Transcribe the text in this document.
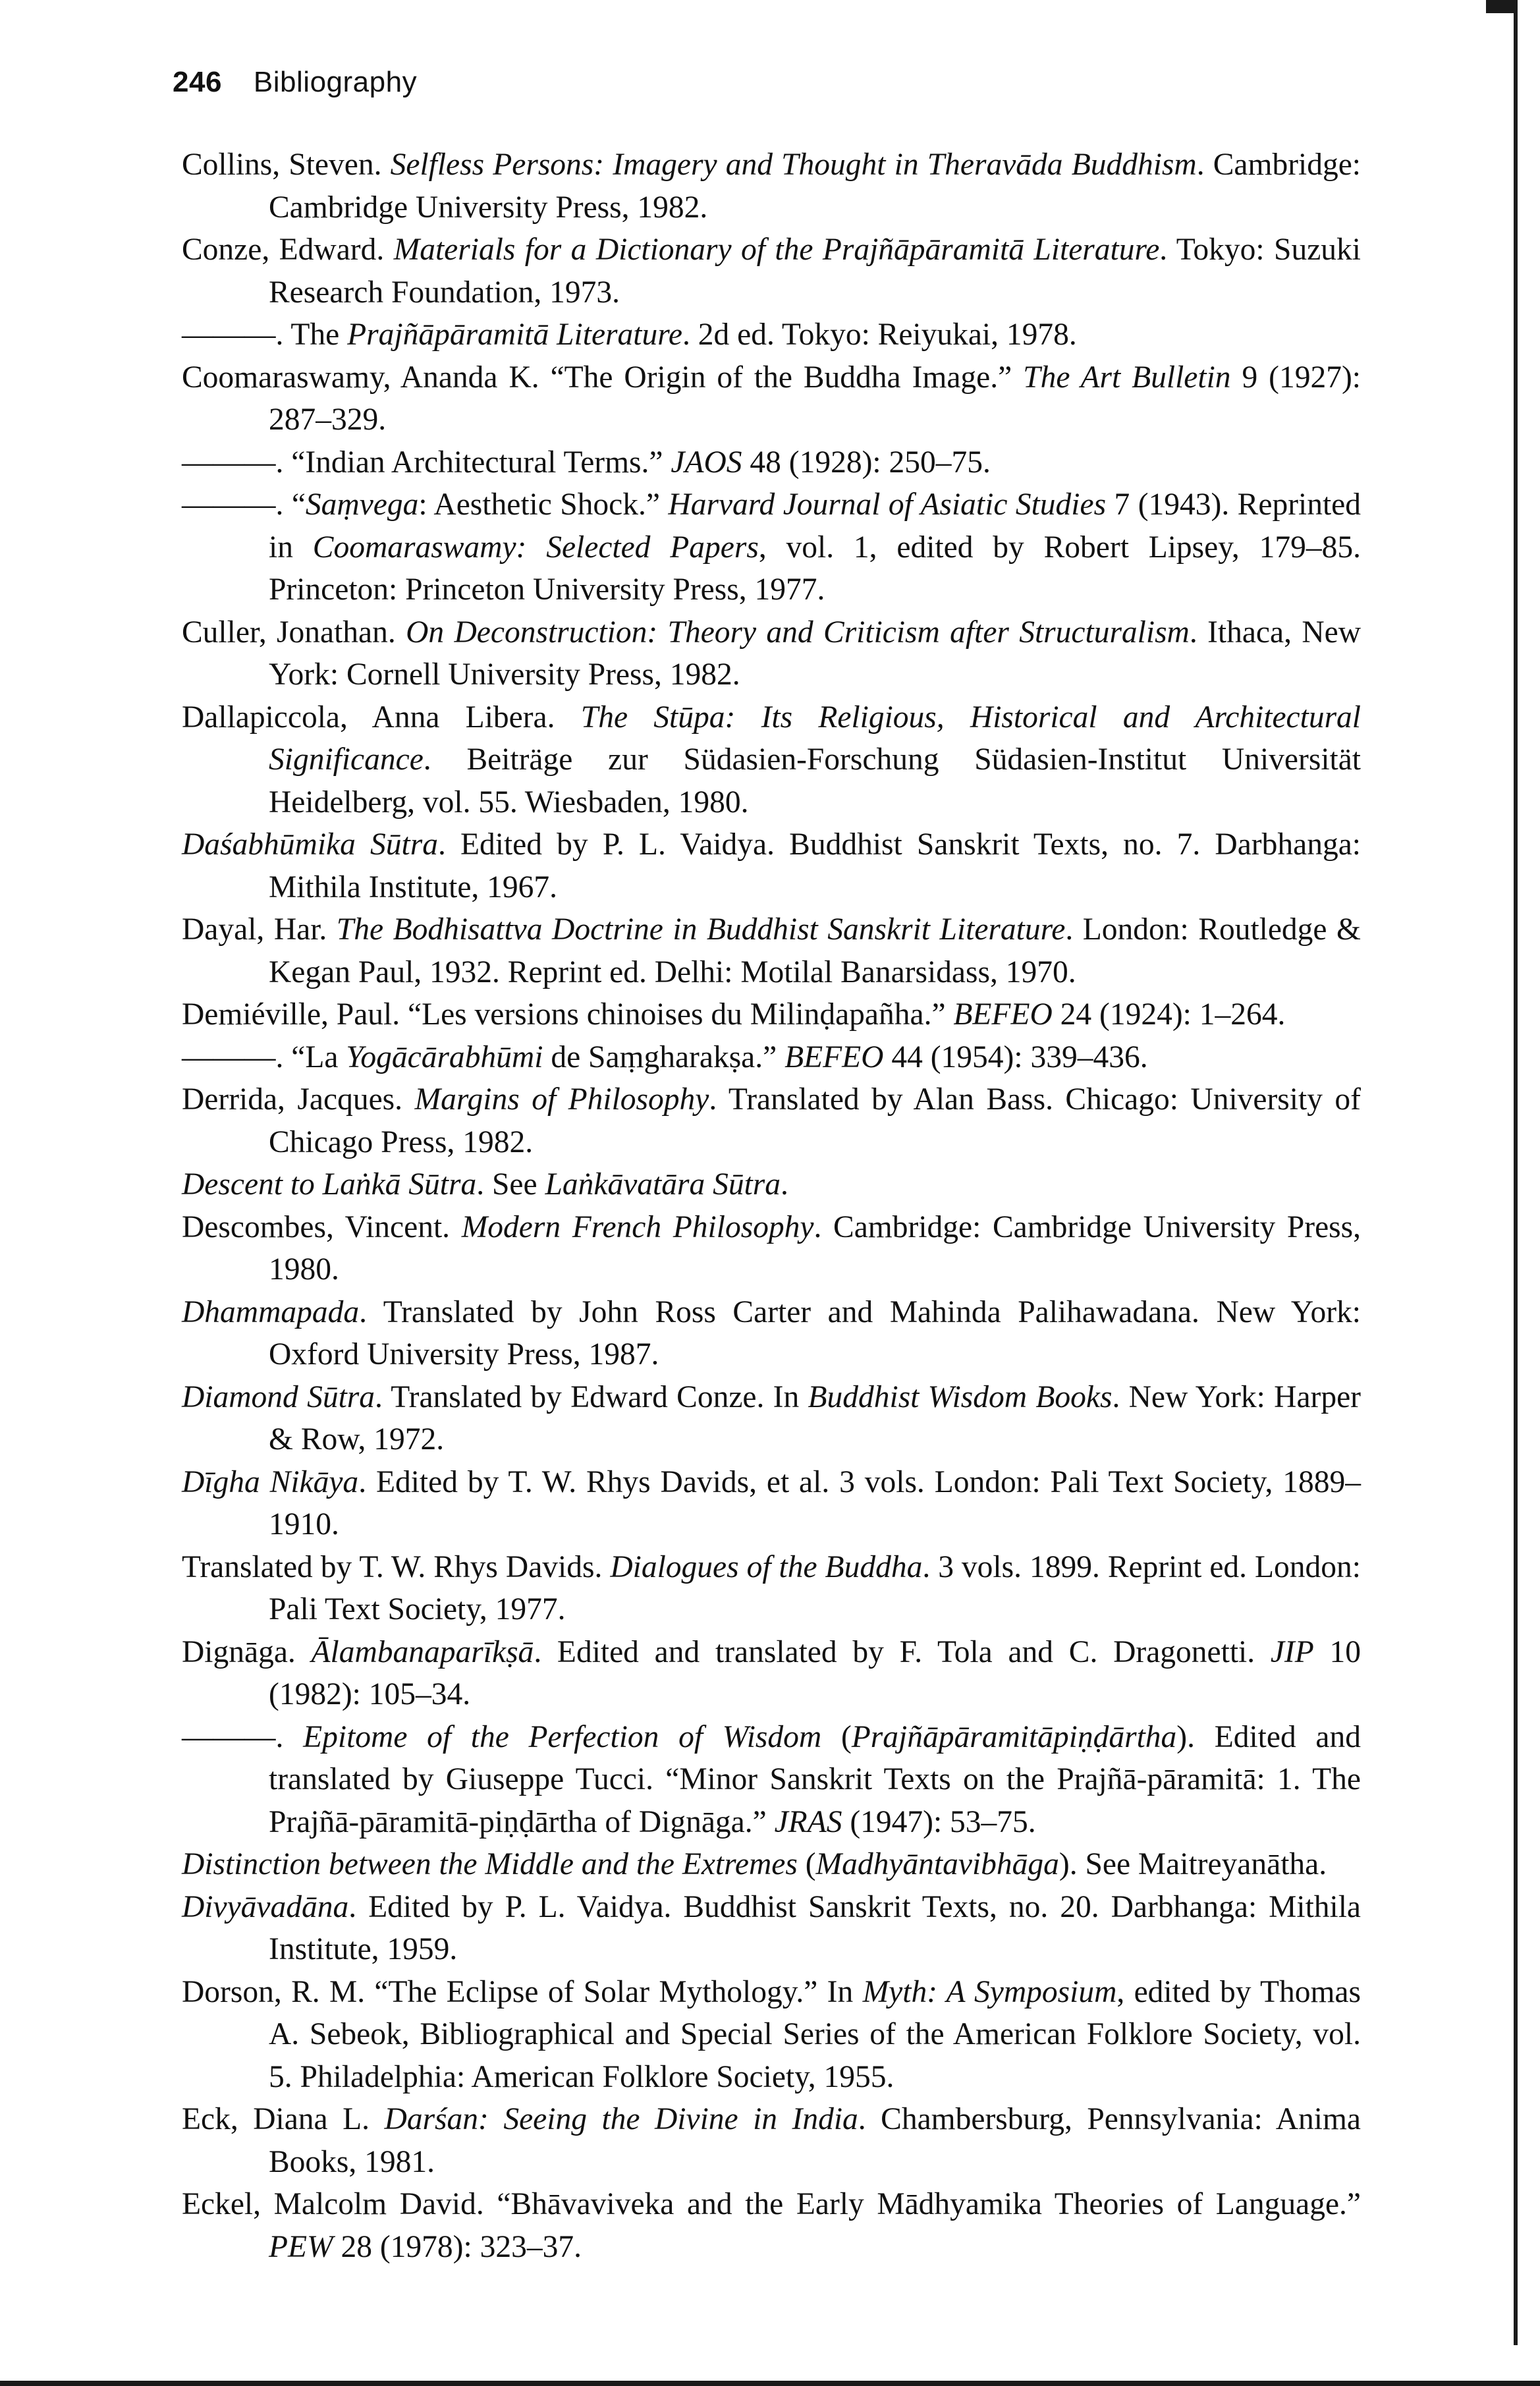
246 Bibliography
Collins, Steven. Selfless Persons: Imagery and Thought in Theravāda Buddhism. Cambridge: Cambridge University Press, 1982.
Conze, Edward. Materials for a Dictionary of the Prajñāpāramitā Literature. Tokyo: Suzuki Research Foundation, 1973.
———. The Prajñāpāramitā Literature. 2d ed. Tokyo: Reiyukai, 1978.
Coomaraswamy, Ananda K. “The Origin of the Buddha Image.” The Art Bulletin 9 (1927): 287–329.
———. “Indian Architectural Terms.” JAOS 48 (1928): 250–75.
———. “Saṃvega: Aesthetic Shock.” Harvard Journal of Asiatic Studies 7 (1943). Reprinted in Coomaraswamy: Selected Papers, vol. 1, edited by Robert Lipsey, 179–85. Princeton: Princeton University Press, 1977.
Culler, Jonathan. On Deconstruction: Theory and Criticism after Structuralism. Ithaca, New York: Cornell University Press, 1982.
Dallapiccola, Anna Libera. The Stūpa: Its Religious, Historical and Architectural Significance. Beiträge zur Südasien-Forschung Südasien-Institut Universität Heidelberg, vol. 55. Wiesbaden, 1980.
Daśabhūmika Sūtra. Edited by P. L. Vaidya. Buddhist Sanskrit Texts, no. 7. Darbhanga: Mithila Institute, 1967.
Dayal, Har. The Bodhisattva Doctrine in Buddhist Sanskrit Literature. London: Routledge & Kegan Paul, 1932. Reprint ed. Delhi: Motilal Banarsidass, 1970.
Demiéville, Paul. “Les versions chinoises du Milinḍapañha.” BEFEO 24 (1924): 1–264.
———. “La Yogācārabhūmi de Saṃgharakṣa.” BEFEO 44 (1954): 339–436.
Derrida, Jacques. Margins of Philosophy. Translated by Alan Bass. Chicago: University of Chicago Press, 1982.
Descent to Laṅkā Sūtra. See Laṅkāvatāra Sūtra.
Descombes, Vincent. Modern French Philosophy. Cambridge: Cambridge University Press, 1980.
Dhammapada. Translated by John Ross Carter and Mahinda Palihawadana. New York: Oxford University Press, 1987.
Diamond Sūtra. Translated by Edward Conze. In Buddhist Wisdom Books. New York: Harper & Row, 1972.
Dīgha Nikāya. Edited by T. W. Rhys Davids, et al. 3 vols. London: Pali Text Society, 1889–1910.
Translated by T. W. Rhys Davids. Dialogues of the Buddha. 3 vols. 1899. Reprint ed. London: Pali Text Society, 1977.
Dignāga. Ālambanaparīkṣā. Edited and translated by F. Tola and C. Dragonetti. JIP 10 (1982): 105–34.
———. Epitome of the Perfection of Wisdom (Prajñāpāramitāpiṇḍārtha). Edited and translated by Giuseppe Tucci. “Minor Sanskrit Texts on the Prajñā-pāramitā: 1. The Prajñā-pāramitā-piṇḍārtha of Dignāga.” JRAS (1947): 53–75.
Distinction between the Middle and the Extremes (Madhyāntavibhāga). See Maitreyanātha.
Divyāvadāna. Edited by P. L. Vaidya. Buddhist Sanskrit Texts, no. 20. Darbhanga: Mithila Institute, 1959.
Dorson, R. M. “The Eclipse of Solar Mythology.” In Myth: A Symposium, edited by Thomas A. Sebeok, Bibliographical and Special Series of the American Folklore Society, vol. 5. Philadelphia: American Folklore Society, 1955.
Eck, Diana L. Darśan: Seeing the Divine in India. Chambersburg, Pennsylvania: Anima Books, 1981.
Eckel, Malcolm David. “Bhāvaviveka and the Early Mādhyamika Theories of Language.” PEW 28 (1978): 323–37.
